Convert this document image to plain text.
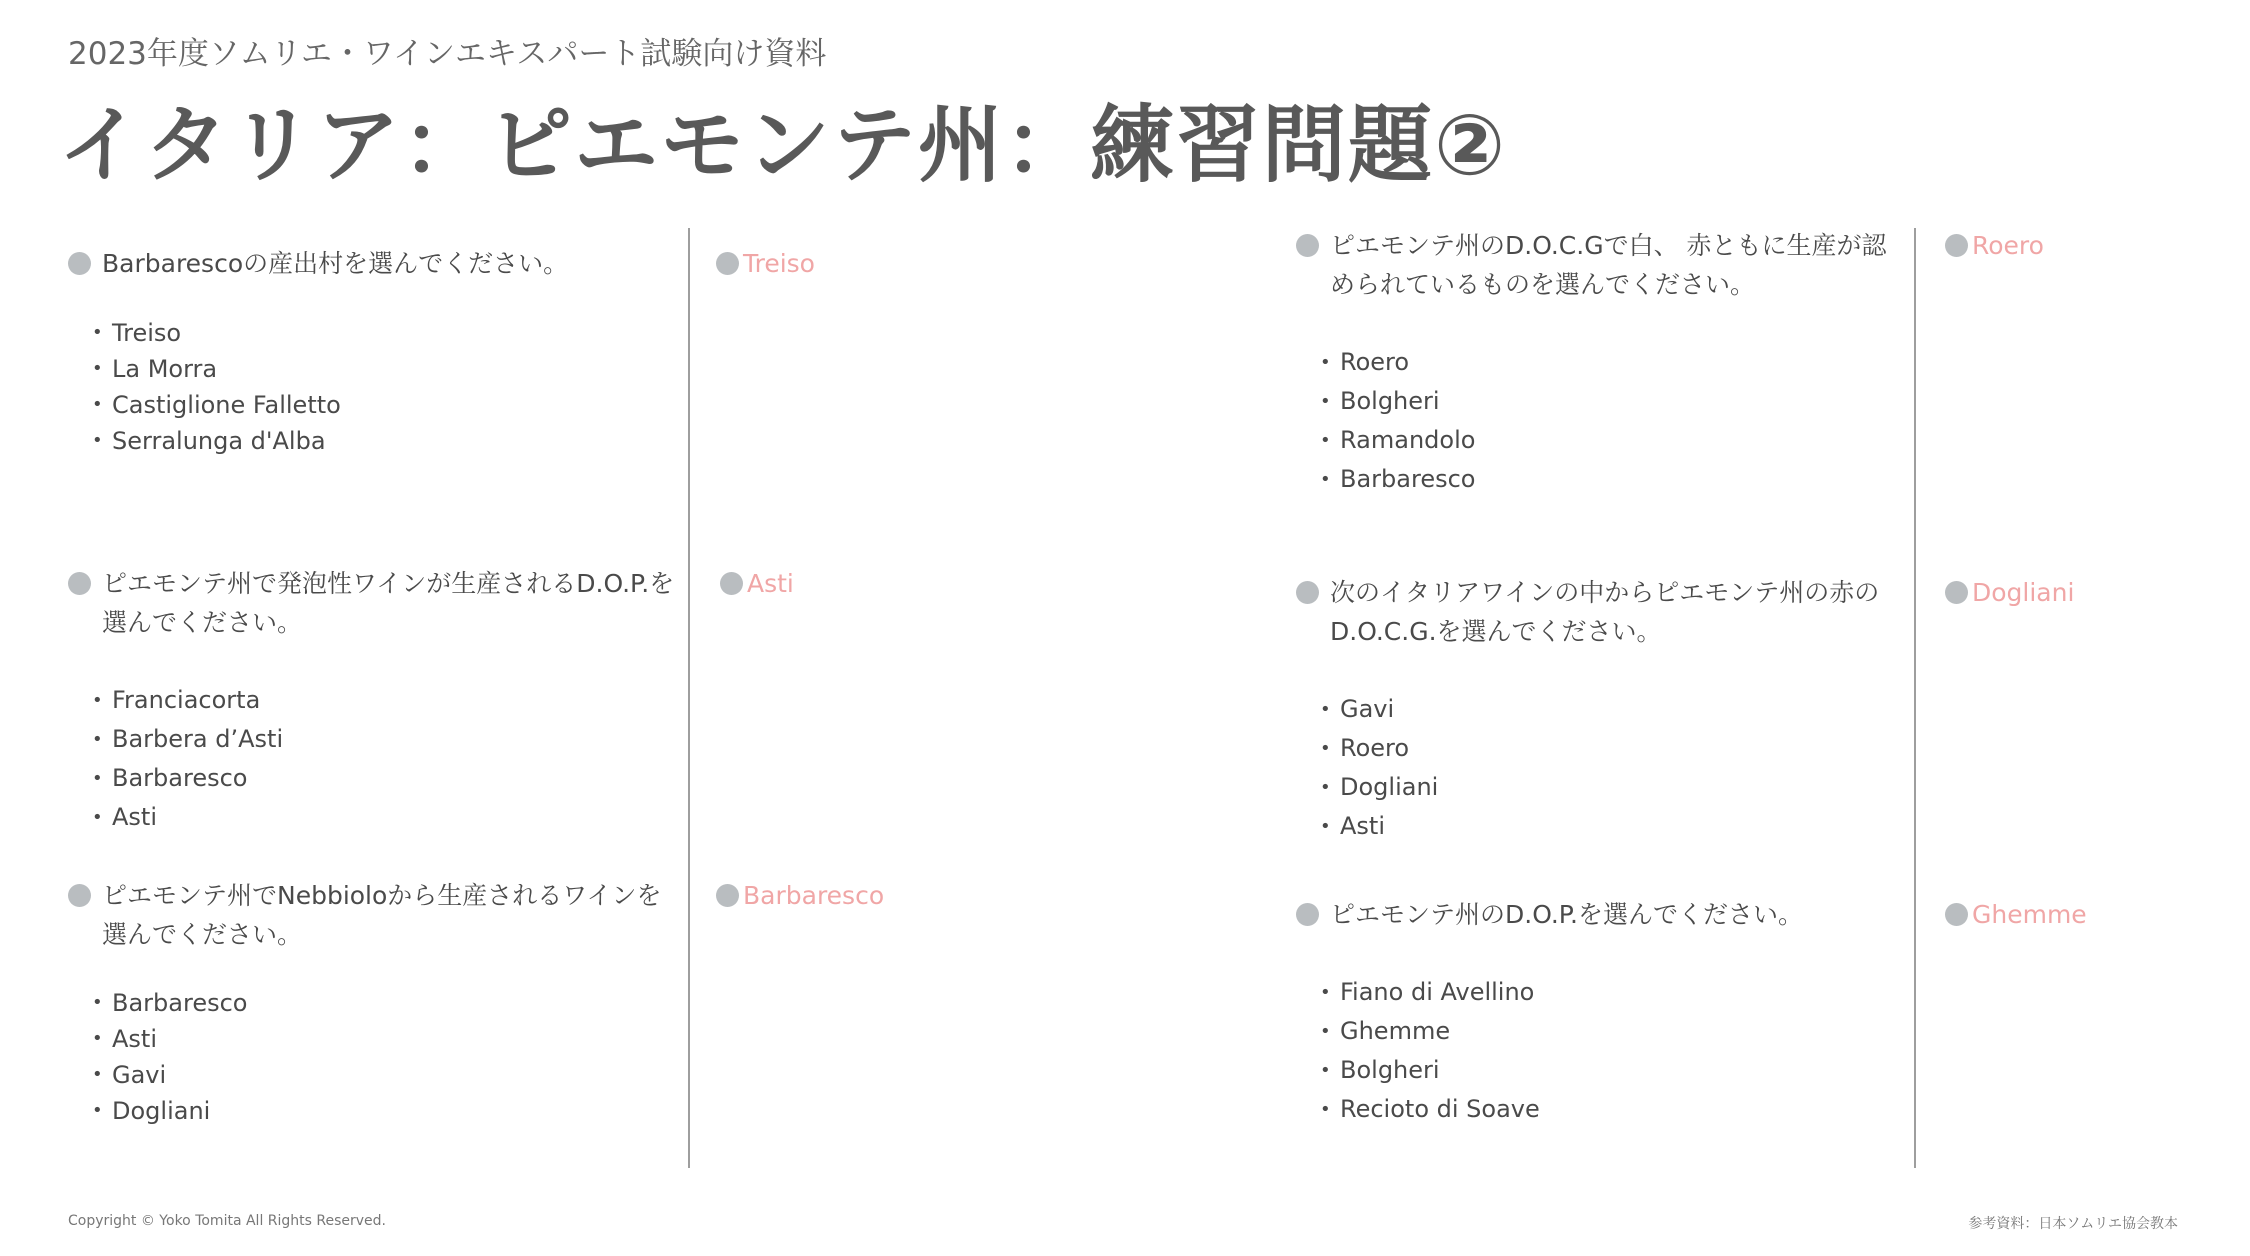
2023年度ソムリエ・ワインエキスパート試験向け資料
イタリア：ピエモンテ州：練習問題②
Barbarescoの産出村を選んでください。
• Treiso
• La Morra
• Castiglione Falletto
• Serralunga d'Alba
Treiso
ピエモンテ州で発泡性ワインが生産されるD.O.P.を選んでください。
• Franciacorta
• Barbera d’Asti
• Barbaresco
• Asti
Asti
ピエモンテ州でNebbioloから生産されるワインを選んでください。
• Barbaresco
• Asti
• Gavi
• Dogliani
Barbaresco
ピエモンテ州のD.O.C.Gで白、 赤ともに生産が認められているものを選んでください。
• Roero
• Bolgheri
• Ramandolo
• Barbaresco
Roero
次のイタリアワインの中からピエモンテ州の赤のD.O.C.G.を選んでください。
• Gavi
• Roero
• Dogliani
• Asti
Dogliani
ピエモンテ州のD.O.P.を選んでください。
• Fiano di Avellino
• Ghemme
• Bolgheri
• Recioto di Soave
Ghemme
Copyright © Yoko Tomita All Rights Reserved.	参考資料：日本ソムリエ協会教本
